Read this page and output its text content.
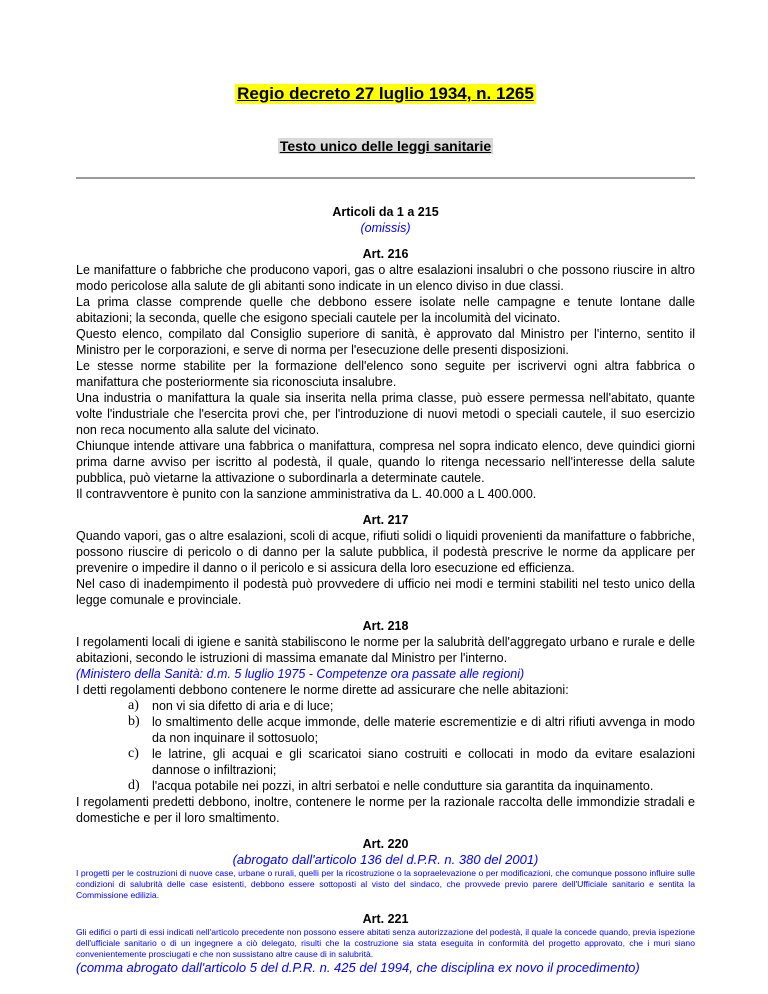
Regio decreto 27 luglio 1934, n. 1265
Testo unico delle leggi sanitarie
Articoli da 1 a 215
(omissis)
Art. 216
Le manifatture o fabbriche che producono vapori, gas o altre esalazioni insalubri o che possono riuscire in altro modo pericolose alla salute de gli abitanti sono indicate in un elenco diviso in due classi.
La prima classe comprende quelle che debbono essere isolate nelle campagne e tenute lontane dalle abitazioni; la seconda, quelle che esigono speciali cautele per la incolumità del vicinato.
Questo elenco, compilato dal Consiglio superiore di sanità, è approvato dal Ministro per l'interno, sentito il Ministro per le corporazioni, e serve di norma per l'esecuzione delle presenti disposizioni.
Le stesse norme stabilite per la formazione dell'elenco sono seguite per iscrivervi ogni altra fabbrica o manifattura che posteriormente sia riconosciuta insalubre.
Una industria o manifattura la quale sia inserita nella prima classe, può essere permessa nell'abitato, quante volte l'industriale che l'esercita provi che, per l'introduzione di nuovi metodi o speciali cautele, il suo esercizio non reca nocumento alla salute del vicinato.
Chiunque intende attivare una fabbrica o manifattura, compresa nel sopra indicato elenco, deve quindici giorni prima darne avviso per iscritto al podestà, il quale, quando lo ritenga necessario nell'interesse della salute pubblica, può vietarne la attivazione o subordinarla a determinate cautele.
Il contravventore è punito con la sanzione amministrativa da L. 40.000 a L 400.000.
Art. 217
Quando vapori, gas o altre esalazioni, scoli di acque, rifiuti solidi o liquidi provenienti da manifatture o fabbriche, possono riuscire di pericolo o di danno per la salute pubblica, il podestà prescrive le norme da applicare per prevenire o impedire il danno o il pericolo e si assicura della loro esecuzione ed efficienza.
Nel caso di inadempimento il podestà può provvedere di ufficio nei modi e termini stabiliti nel testo unico della legge comunale e provinciale.
Art. 218
I regolamenti locali di igiene e sanità stabiliscono le norme per la salubrità dell'aggregato urbano e rurale e delle abitazioni, secondo le istruzioni di massima emanate dal Ministro per l'interno.
(Ministero della Sanità: d.m. 5 luglio 1975 - Competenze ora passate alle regioni)
I detti regolamenti debbono contenere le norme dirette ad assicurare che nelle abitazioni:
a)	non vi sia difetto di aria e di luce;
b) lo smaltimento delle acque immonde, delle materie escrementizie e di altri rifiuti avvenga in modo da non inquinare il sottosuolo;
c)	le latrine, gli acquai e gli scaricatoi siano costruiti e collocati in modo da evitare esalazioni dannose o infiltrazioni;
d) l'acqua potabile nei pozzi, in altri serbatoi e nelle condutture sia garantita da inquinamento.
I regolamenti predetti debbono, inoltre, contenere le norme per la razionale raccolta delle immondizie stradali e domestiche e per il loro smaltimento.
Art. 220
(abrogato dall'articolo 136 del d.P.R. n. 380 del 2001)
I progetti per le costruzioni di nuove case, urbane o rurali, quelli per la ricostruzione o la sopraelevazione o per modificazioni, che comunque possono influire sulle condizioni di salubrità delle case esistenti, debbono essere sottoposti al visto del sindaco, che provvede previo parere dell'Ufficiale sanitario e sentita la Commissione edilizia.
Art. 221
Gli edifici o parti di essi indicati nell'articolo precedente non possono essere abitati senza autorizzazione del podestà, il quale la concede quando, previa ispezione dell'ufficiale sanitario o di un ingegnere a ciò delegato, risulti che la costruzione sia stata eseguita in conformità del progetto approvato, che i muri siano convenientemente prosciugati e che non sussistano altre cause di in salubrità.
(comma abrogato dall'articolo 5 del d.P.R. n. 425 del 1994, che disciplina ex novo il procedimento)
